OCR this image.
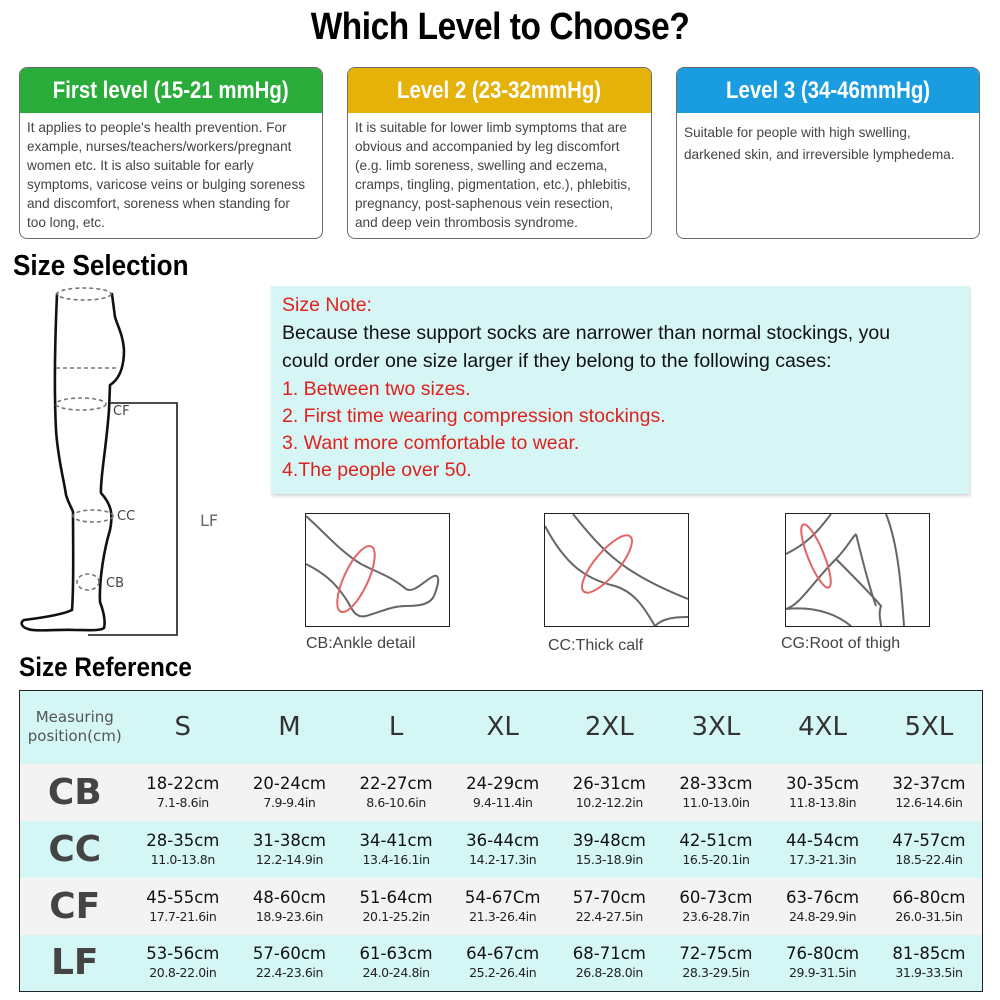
Which Level to Choose?
First level (15-21 mmHg)
It applies to people's health prevention. For
example, nurses/teachers/workers/pregnant
women etc. It is also suitable for early
symptoms, varicose veins or bulging soreness
and discomfort, soreness when standing for
too long, etc.
Level 2 (23-32mmHg)
It is suitable for lower limb symptoms that are
obvious and accompanied by leg discomfort
(e.g. limb soreness, swelling and eczema,
cramps, tingling, pigmentation, etc.), phlebitis,
pregnancy, post-saphenous vein resection,
and deep vein thrombosis syndrome.
Level 3 (34-46mmHg)
Suitable for people with high swelling,
darkened skin, and irreversible lymphedema.
Size Selection
CF
CC
CB
LF
Size Note:
Because these support socks are narrower than normal stockings, you
could order one size larger if they belong to the following cases:
1. Between two sizes.
2. First time wearing compression stockings.
3. Want more comfortable to wear.
4.The people over 50.
CB:Ankle detail	CC:Thick calf	CG:Root of thigh
Size Reference
Measuring
position(cm)	S	M	L	XL	2XL	3XL	4XL	5XL
CB	18-22cm
7.1-8.6in	20-24cm
7.9-9.4in	22-27cm
8.6-10.6in	24-29cm
9.4-11.4in	26-31cm
10.2-12.2in	28-33cm
11.0-13.0in	30-35cm
11.8-13.8in	32-37cm
12.6-14.6in

CC	28-35cm
11.0-13.8n	31-38cm
12.2-14.9in	34-41cm
13.4-16.1in	36-44cm
14.2-17.3in	39-48cm
15.3-18.9in	42-51cm
16.5-20.1in	44-54cm
17.3-21.3in	47-57cm
18.5-22.4in

CF	45-55cm
17.7-21.6in	48-60cm
18.9-23.6in	51-64cm
20.1-25.2in	54-67Cm
21.3-26.4in	57-70cm
22.4-27.5in	60-73cm
23.6-28.7in	63-76cm
24.8-29.9in	66-80cm
26.0-31.5in

LF	53-56cm
20.8-22.0in	57-60cm
22.4-23.6in	61-63cm
24.0-24.8in	64-67cm
25.2-26.4in	68-71cm
26.8-28.0in	72-75cm
28.3-29.5in	76-80cm
29.9-31.5in	81-85cm
31.9-33.5in
